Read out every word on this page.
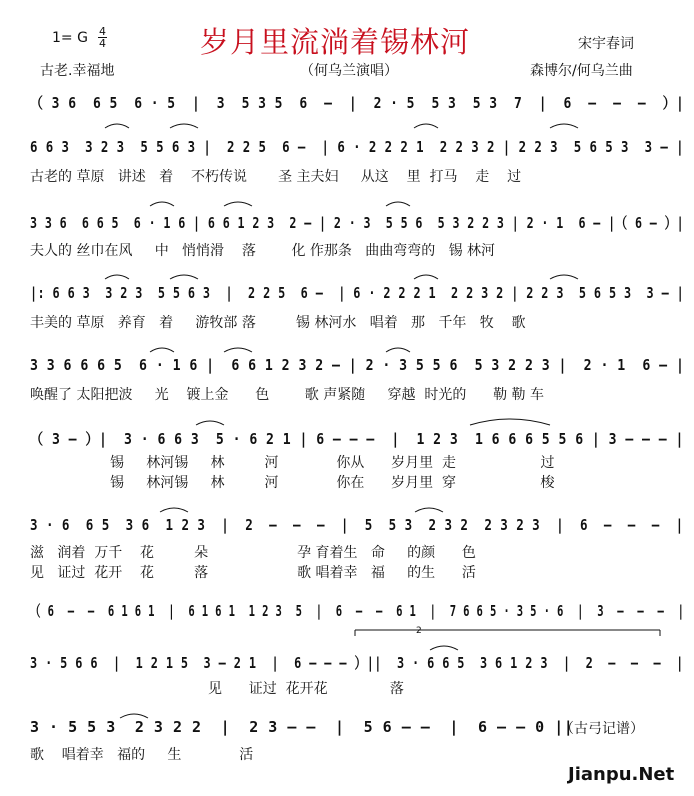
1= G 4
4	岁月里流淌着锡林河	宋宇春词
古老.幸福地	（何乌兰演唱）	森博尔/何乌兰曲
2
（ 3 6  6 5  6 · 5  |  3  5 3 5  6  –  |  2 · 5  5 3  5 3  7  |  6  –  –  –  ）|
6 6 3  3 2 3  5 5 6 3 |  2 2 5  6 –  | 6 · 2 2 2 1  2 2 3 2 | 2 2 3  5 6 5 3  3 – |
古老的 草原   讲述   着    不朽传说       圣 主夫妇     从这    里  打马    走    过
3 3 6  6 6 5  6 · 1 6 | 6 6 1 2 3  2 – | 2 · 3  5 5 6  5 3 2 2 3 | 2 · 1  6 – |（ 6 – ）|
夫人的 丝巾在风     中   悄悄滑    落        化 作那条   曲曲弯弯的   锡 林河
|: 6 6 3  3 2 3  5 5 6 3  |  2 2 5  6 –  | 6 · 2 2 2 1  2 2 3 2 | 2 2 3  5 6 5 3  3 – |
丰美的 草原   养育   着     游牧部 落         锡 林河水   唱着   那   千年   牧    歌
3 3 6 6 6 5  6 · 1 6 |  6 6 1 2 3 2 – | 2 · 3 5 5 6  5 3 2 2 3 |  2 · 1  6 – |
唤醒了 太阳把波     光    镀上金      色        歌 声紧随     穿越  时光的      勒 勒 车
（ 3 – ）|  3 · 6 6 3  5 · 6 2 1 | 6 – – –  |  1 2 3  1 6 6 6 5 5 6 | 3 – – – |
锡     林河锡     林         河             你从      岁月里  走                   过
锡     林河锡     林         河             你在      岁月里  穿                   梭
3 · 6  6 5  3 6  1 2 3  |  2  –  –  –  |  5  5 3  2 3 2  2 3 2 3  |  6  –  –  –  |
滋   润着  万千    花         朵                    孕 育着生   命     的颜      色
见   证过  花开    花         落                    歌 唱着幸   福     的生      活
（ 6  –  –  6 1 6 1  |  6 1 6 1  1 2 3  5  |  6  –  –  6 1  |  7 6 6 5 · 3 5 · 6  |  3  –  –  –  |
3 · 5 6 6  |  1 2 1 5  3 – 2 1  |  6 – – – ）||  3 · 6 6 5  3 6 1 2 3  |  2  –  –  –  |
见      证过  花开花              落
3 · 5 5 3  2 3 2 2  |  2 3 – –  |  5 6 – –  |  6 – – 0 ||
歌    唱着幸   福的     生             活
（古弓记谱）
Jianpu.Net
